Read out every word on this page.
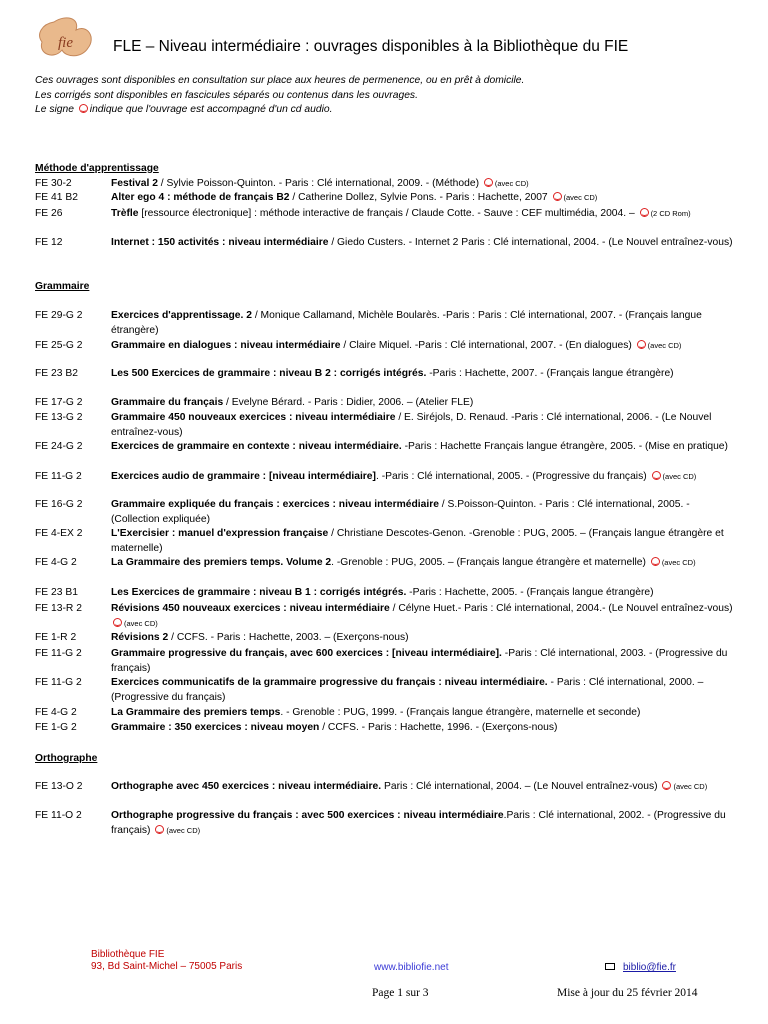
fie	FLE – Niveau intermédiaire : ouvrages disponibles à la Bibliothèque du FIE
Ces ouvrages sont disponibles en consultation sur place aux heures de permenence, ou en prêt à domicile.
Les corrigés sont disponibles en fascicules séparés ou contenus dans les ouvrages.
Le signe indique que l'ouvrage est accompagné d'un cd audio.
Méthode d'apprentissage
Grammaire
Orthographe
FE 30-2	Festival 2 / Sylvie Poisson-Quinton. - Paris : Clé international, 2009. - (Méthode) (avec CD)
FE 41 B2	Alter ego 4 : méthode de français B2 / Catherine Dollez, Sylvie Pons. - Paris : Hachette, 2007 (avec CD)
FE 26	Trèfle [ressource électronique] : méthode interactive de français / Claude Cotte. - Sauve : CEF multimédia, 2004. – (2 CD Rom)
FE 12	Internet : 150 activités : niveau intermédiaire / Giedo Custers. - Internet 2 Paris : Clé international, 2004. - (Le Nouvel entraînez-vous)
FE 29-G 2	Exercices d'apprentissage. 2 / Monique Callamand, Michèle Boularès. -Paris : Paris : Clé international, 2007. - (Français langue étrangère)
FE 25-G 2	Grammaire en dialogues : niveau intermédiaire / Claire Miquel. -Paris : Clé international, 2007. - (En dialogues) (avec CD)
FE 23 B2	Les 500 Exercices de grammaire : niveau B 2 : corrigés intégrés. -Paris : Hachette, 2007. - (Français langue étrangère)
FE 17-G 2	Grammaire du français / Evelyne Bérard. - Paris : Didier, 2006. – (Atelier FLE)
FE 13-G 2	Grammaire 450 nouveaux exercices : niveau intermédiaire / E. Siréjols, D. Renaud. -Paris : Clé international, 2006. - (Le Nouvel entraînez-vous)
FE 24-G 2	Exercices de grammaire en contexte : niveau intermédiaire. -Paris : Hachette Français langue étrangère, 2005. - (Mise en pratique)
FE 11-G 2	Exercices audio de grammaire : [niveau intermédiaire]. -Paris : Clé international, 2005. - (Progressive du français) (avec CD)
FE 16-G 2	Grammaire expliquée du français : exercices : niveau intermédiaire / S.Poisson-Quinton. - Paris : Clé international, 2005. - (Collection expliquée)
FE 4-EX 2	L'Exercisier : manuel d'expression française / Christiane Descotes-Genon. -Grenoble : PUG, 2005. – (Français langue étrangère et maternelle)
FE 4-G 2	La Grammaire des premiers temps. Volume 2. -Grenoble : PUG, 2005. – (Français langue étrangère et maternelle) (avec CD)
FE 23 B1	Les Exercices de grammaire : niveau B 1 : corrigés intégrés. -Paris : Hachette, 2005. - (Français langue étrangère)
FE 13-R 2	Révisions 450 nouveaux exercices : niveau intermédiaire / Célyne Huet.- Paris : Clé international, 2004.- (Le Nouvel entraînez-vous) (avec CD)
FE 1-R 2	Révisions 2 / CCFS. - Paris : Hachette, 2003. – (Exerçons-nous)
FE 11-G 2	Grammaire progressive du français, avec 600 exercices : [niveau intermédiaire]. -Paris : Clé international, 2003. - (Progressive du français)
FE 11-G 2	Exercices communicatifs de la grammaire progressive du français : niveau intermédiaire. - Paris : Clé international, 2000. – (Progressive du français)
FE 4-G 2	La Grammaire des premiers temps. - Grenoble : PUG, 1999. - (Français langue étrangère, maternelle et seconde)
FE 1-G 2	Grammaire : 350 exercices : niveau moyen / CCFS. - Paris : Hachette, 1996. - (Exerçons-nous)
FE 13-O 2	Orthographe avec 450 exercices : niveau intermédiaire. Paris : Clé international, 2004. – (Le Nouvel entraînez-vous) (avec CD)
FE 11-O 2	Orthographe progressive du français : avec 500 exercices : niveau intermédiaire.Paris : Clé international, 2002. - (Progressive du français) (avec CD)
Bibliothèque FIE
93, Bd Saint-Michel – 75005 Paris	www.bibliofie.net	biblio@fie.fr
Page 1 sur 3	Mise à jour du 25 février 2014
